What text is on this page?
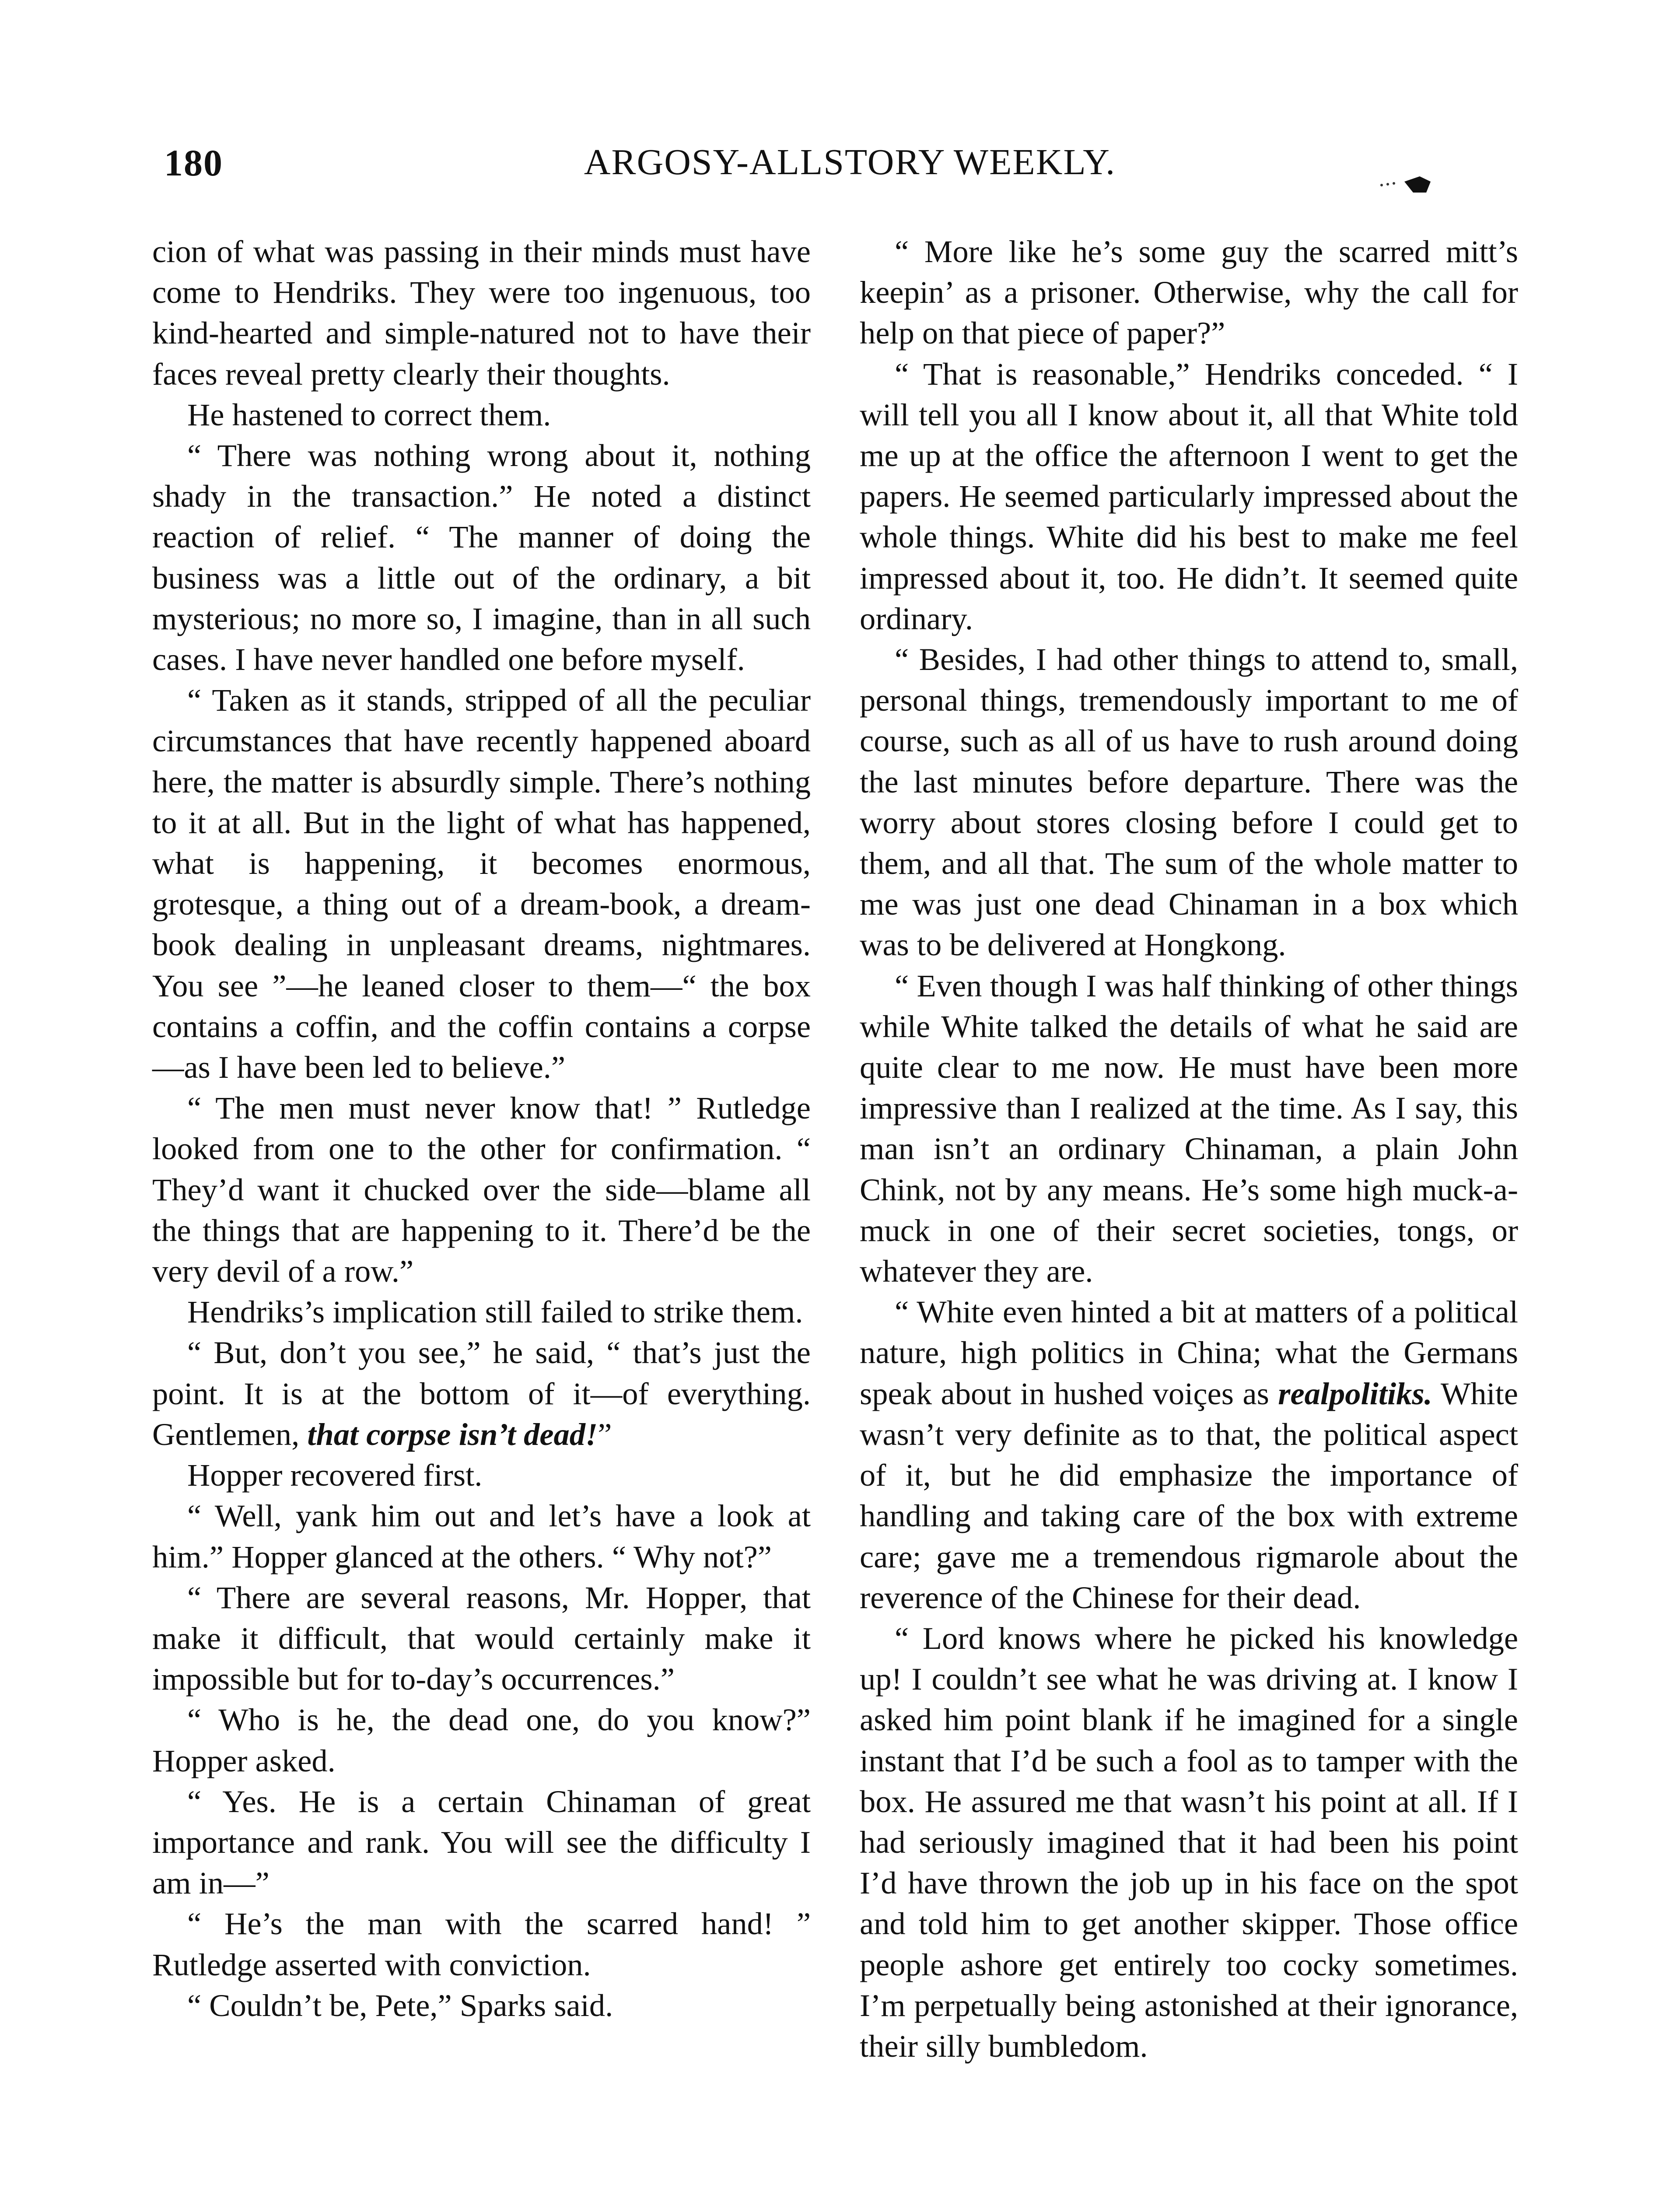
180	ARGOSY-ALLSTORY WEEKLY.

cion of what was passing in their minds must have come to Hendriks. They were too ingenuous, too kind-hearted and simple-natured not to have their faces reveal pretty clearly their thoughts.

He hastened to correct them.

“ There was nothing wrong about it, nothing shady in the transaction.” He noted a distinct reaction of relief. “ The manner of doing the business was a little out of the ordinary, a bit mysterious; no more so, I imagine, than in all such cases. I have never handled one before myself.

“ Taken as it stands, stripped of all the peculiar circumstances that have recently happened aboard here, the matter is absurdly simple. There’s nothing to it at all. But in the light of what has happened, what is happening, it becomes enormous, grotesque, a thing out of a dream-book, a dream-book dealing in unpleasant dreams, nightmares. You see ”—he leaned closer to them—“ the box contains a coffin, and the coffin contains a corpse—as I have been led to believe.”

“ The men must never know that! ” Rutledge looked from one to the other for confirmation. “ They’d want it chucked over the side—blame all the things that are happening to it. There’d be the very devil of a row.”

Hendriks’s implication still failed to strike them.

“ But, don’t you see,” he said, “ that’s just the point. It is at the bottom of it—of everything. Gentlemen, that corpse isn’t dead!”

Hopper recovered first.

“ Well, yank him out and let’s have a look at him.” Hopper glanced at the others. “ Why not?”

“ There are several reasons, Mr. Hopper, that make it difficult, that would certainly make it impossible but for to-day’s occurrences.”

“ Who is he, the dead one, do you know?” Hopper asked.

“ Yes. He is a certain Chinaman of great importance and rank. You will see the difficulty I am in—”

“ He’s the man with the scarred hand! ” Rutledge asserted with conviction.

“ Couldn’t be, Pete,” Sparks said.

“ More like he’s some guy the scarred mitt’s keepin’ as a prisoner. Otherwise, why the call for help on that piece of paper?”

“ That is reasonable,” Hendriks conceded. “ I will tell you all I know about it, all that White told me up at the office the afternoon I went to get the papers. He seemed particularly impressed about the whole things. White did his best to make me feel impressed about it, too. He didn’t. It seemed quite ordinary.

“ Besides, I had other things to attend to, small, personal things, tremendously important to me of course, such as all of us have to rush around doing the last minutes before departure. There was the worry about stores closing before I could get to them, and all that. The sum of the whole matter to me was just one dead Chinaman in a box which was to be delivered at Hongkong.

“ Even though I was half thinking of other things while White talked the details of what he said are quite clear to me now. He must have been more impressive than I realized at the time. As I say, this man isn’t an ordinary Chinaman, a plain John Chink, not by any means. He’s some high muck-a-muck in one of their secret societies, tongs, or whatever they are.

“ White even hinted a bit at matters of a political nature, high politics in China; what the Germans speak about in hushed voiçes as realpolitiks. White wasn’t very definite as to that, the political aspect of it, but he did emphasize the importance of handling and taking care of the box with extreme care; gave me a tremendous rigmarole about the reverence of the Chinese for their dead.

“ Lord knows where he picked his knowledge up! I couldn’t see what he was driving at. I know I asked him point blank if he imagined for a single instant that I’d be such a fool as to tamper with the box. He assured me that wasn’t his point at all. If I had seriously imagined that it had been his point I’d have thrown the job up in his face on the spot and told him to get another skipper. Those office people ashore get entirely too cocky sometimes. I’m perpetually being astonished at their ignorance, their silly bumbledom.
